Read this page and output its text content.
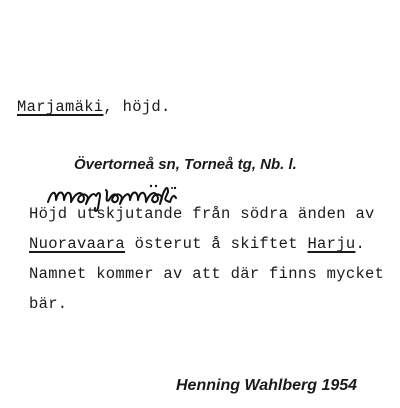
Marjamäki, höjd.
Övertorneå sn, Torneå tg, Nb. l.
Höjd utskjutande från södra änden av
Nuoravaara österut å skiftet Harju.
Namnet kommer av att där finns mycket
bär.
Henning Wahlberg 1954
